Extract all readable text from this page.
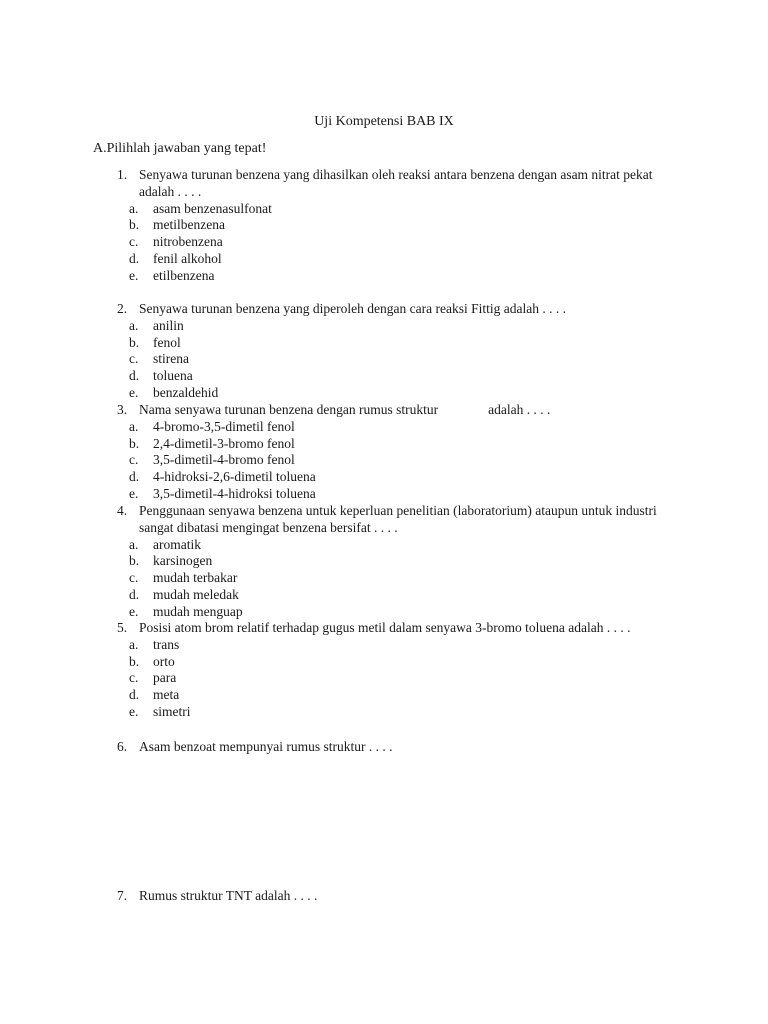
Uji Kompetensi BAB IX
A.Pilihlah jawaban yang tepat!
1. Senyawa turunan benzena yang dihasilkan oleh reaksi antara benzena dengan asam nitrat pekat adalah . . . .
a. asam benzenasulfonat
b. metilbenzena
c. nitrobenzena
d. fenil alkohol
e. etilbenzena
2. Senyawa turunan benzena yang diperoleh dengan cara reaksi Fittig adalah . . . .
a. anilin
b. fenol
c. stirena
d. toluena
e. benzaldehid
3. Nama senyawa turunan benzena dengan rumus struktur	adalah . . . .
a. 4-bromo-3,5-dimetil fenol
b. 2,4-dimetil-3-bromo fenol
c. 3,5-dimetil-4-bromo fenol
d. 4-hidroksi-2,6-dimetil toluena
e. 3,5-dimetil-4-hidroksi toluena
4. Penggunaan senyawa benzena untuk keperluan penelitian (laboratorium) ataupun untuk industri sangat dibatasi mengingat benzena bersifat . . . .
a. aromatik
b. karsinogen
c. mudah terbakar
d. mudah meledak
e. mudah menguap
5. Posisi atom brom relatif terhadap gugus metil dalam senyawa 3-bromo toluena adalah . . . .
a. trans
b. orto
c. para
d. meta
e. simetri
6. Asam benzoat mempunyai rumus struktur . . . .
7. Rumus struktur TNT adalah . . . .
